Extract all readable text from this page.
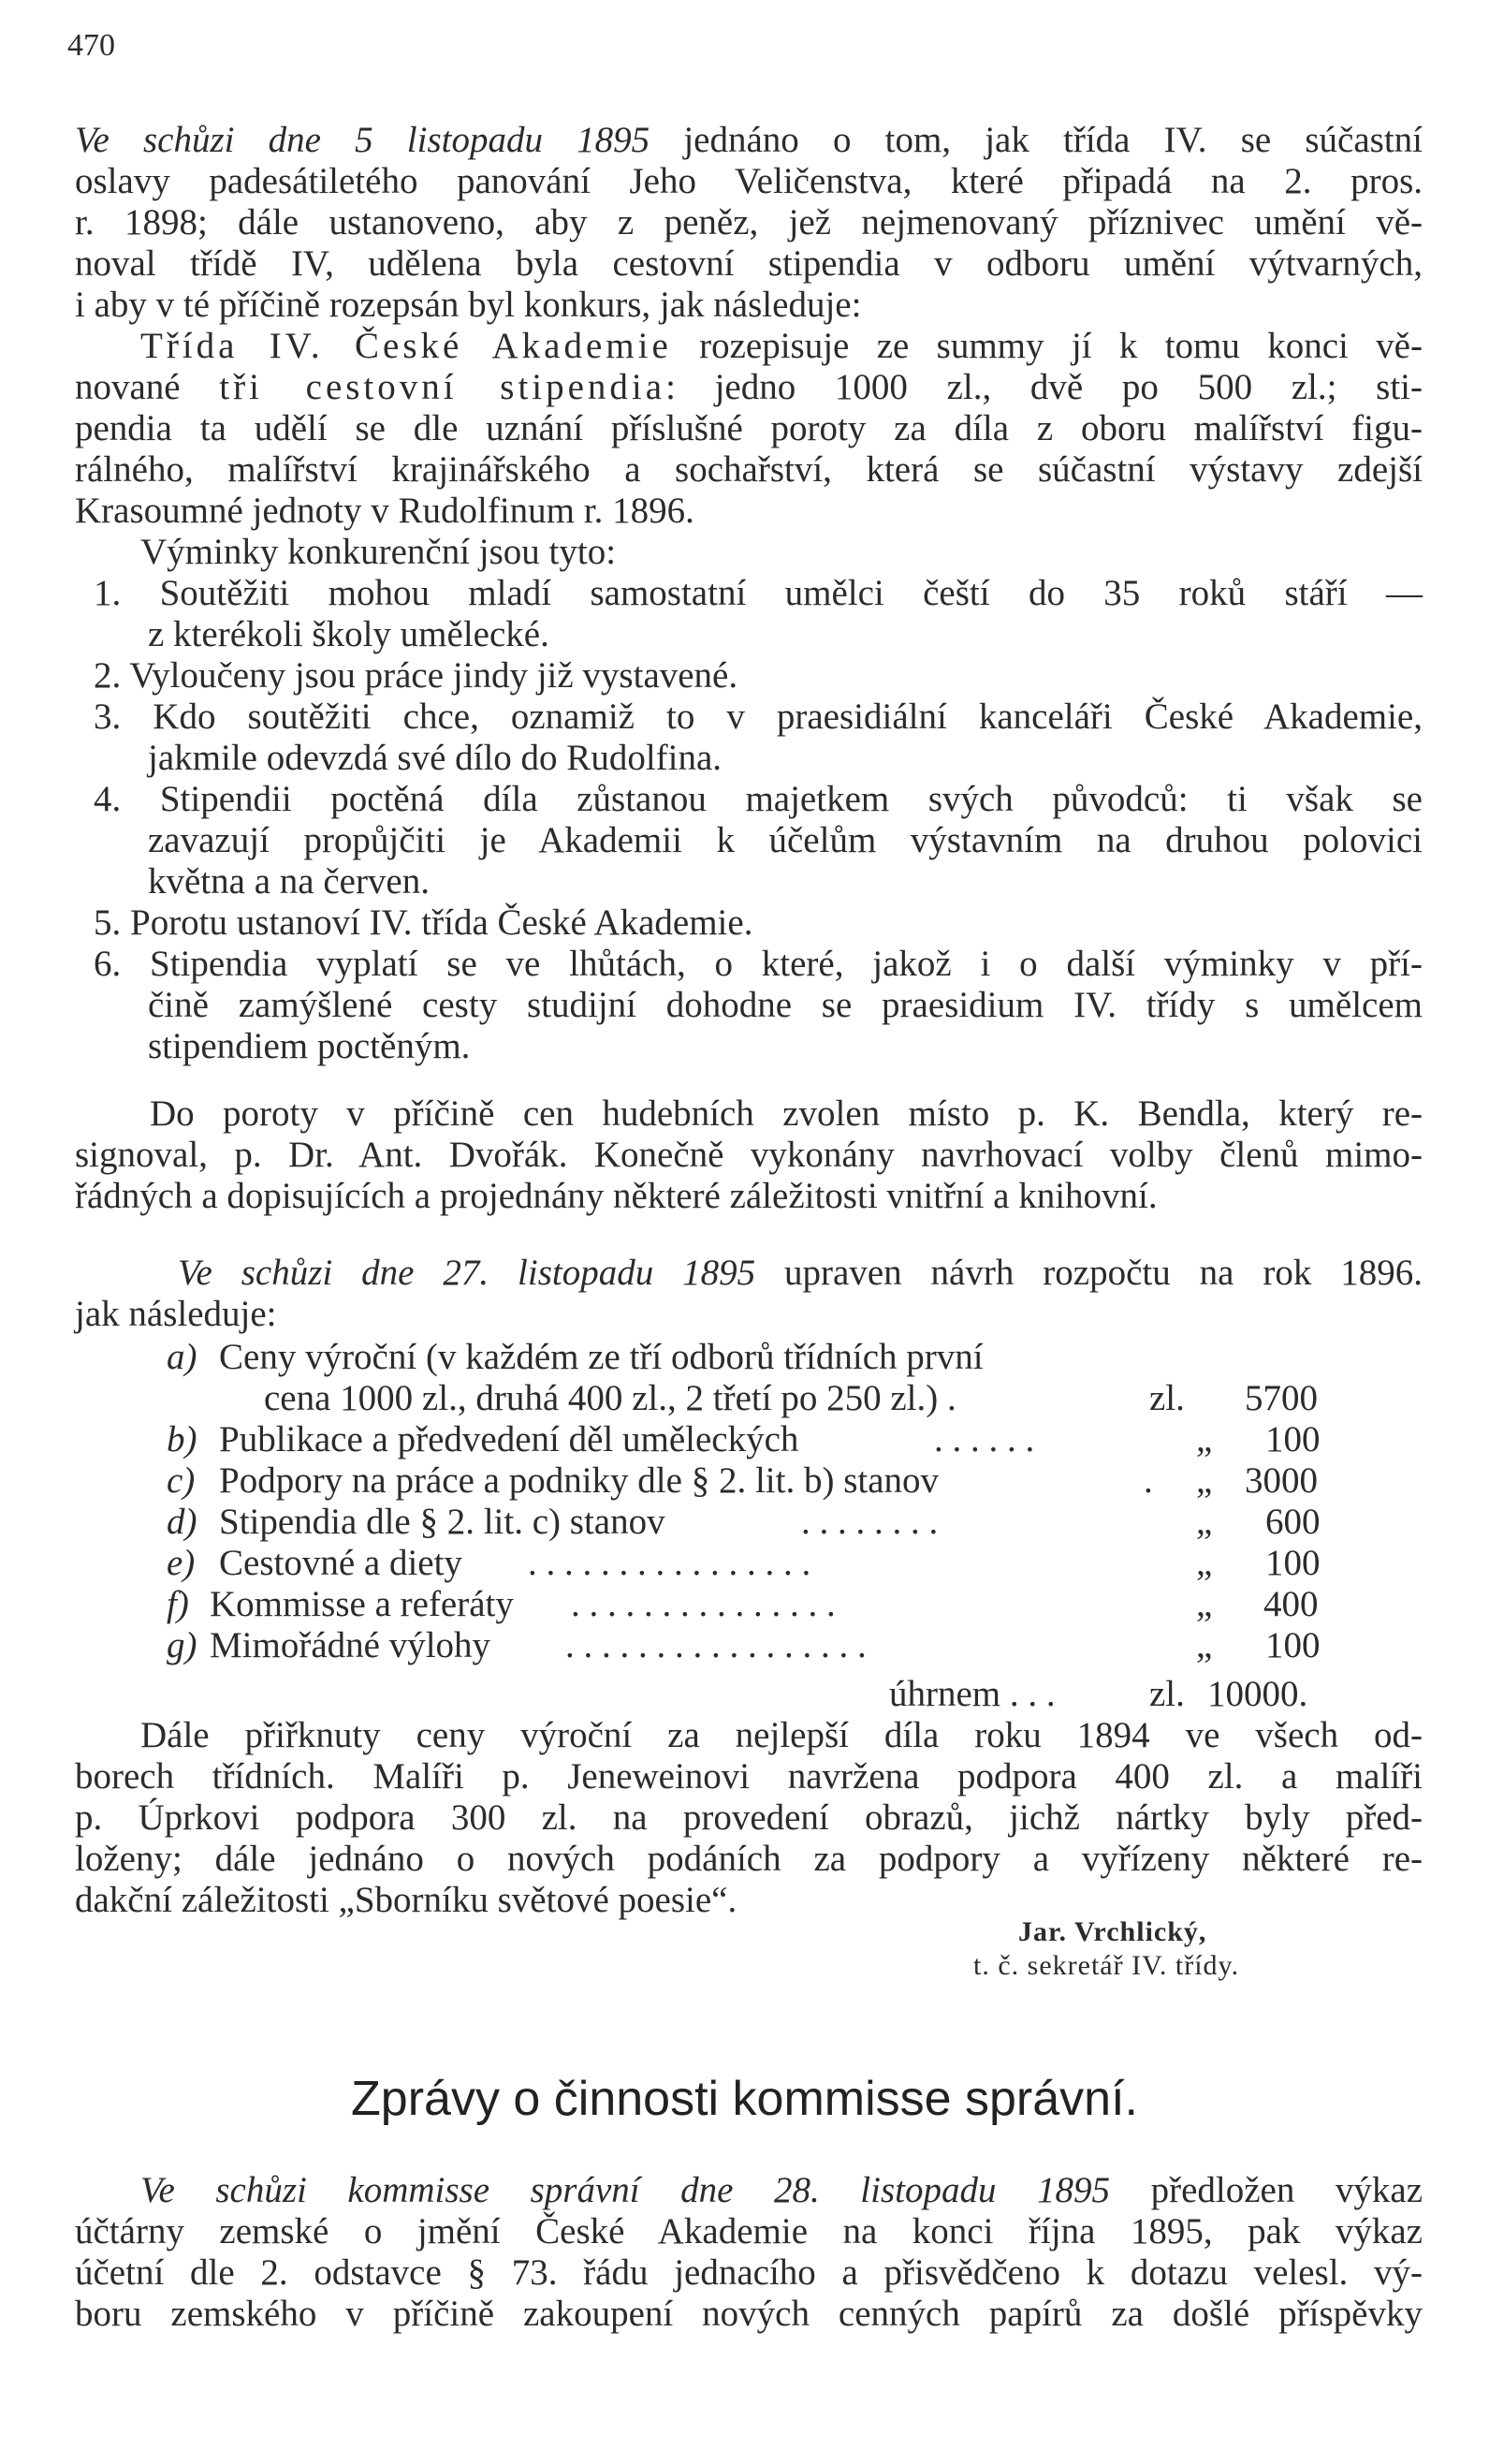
470
Ve schůzi dne 5 listopadu 1895 jednáno o tom, jak třída IV. se súčastní
oslavy padesátiletého panování Jeho Veličenstva, které připadá na 2. pros.
r. 1898; dále ustanoveno, aby z peněz, jež nejmenovaný příznivec umění vě-
noval třídě IV, udělena byla cestovní stipendia v odboru umění výtvarných,
i aby v té příčině rozepsán byl konkurs, jak následuje:
Třída IV. České Akademie rozepisuje ze summy jí k tomu konci vě-
nované tři cestovní stipendia: jedno 1000 zl., dvě po 500 zl.; sti-
pendia ta udělí se dle uznání příslušné poroty za díla z oboru malířství figu-
rálného, malířství krajinářského a sochařství, která se súčastní výstavy zdejší
Krasoumné jednoty v Rudolfinum r. 1896.
Výminky konkurenční jsou tyto:
1. Soutěžiti mohou mladí samostatní umělci čeští do 35 roků stáří —
z kterékoli školy umělecké.
2. Vyloučeny jsou práce jindy již vystavené.
3. Kdo soutěžiti chce, oznamiž to v praesidiální kanceláři České Akademie,
jakmile odevzdá své dílo do Rudolfina.
4. Stipendii poctěná díla zůstanou majetkem svých původců: ti však se
zavazují propůjčiti je Akademii k účelům výstavním na druhou polovici
května a na červen.
5. Porotu ustanoví IV. třída České Akademie.
6. Stipendia vyplatí se ve lhůtách, o které, jakož i o další výminky v pří-
čině zamýšlené cesty studijní dohodne se praesidium IV. třídy s umělcem
stipendiem poctěným.
Do poroty v příčině cen hudebních zvolen místo p. K. Bendla, který re-
signoval, p. Dr. Ant. Dvořák. Konečně vykonány navrhovací volby členů mimo-
řádných a dopisujících a projednány některé záležitosti vnitřní a knihovní.
Ve schůzi dne 27. listopadu 1895 upraven návrh rozpočtu na rok 1896.
jak následuje:
a) Ceny výroční (v každém ze tří odborů třídních první
cena 1000 zl., druhá 400 zl., 2 třetí po 250 zl.) .	zl. 5700
b) Publikace a předvedení děl uměleckých	. . . . . .	„ 100
c) Podpory na práce a podniky dle § 2. lit. b) stanov	. „ 3000
d) Stipendia dle § 2. lit. c) stanov	. . . . . . . .	„ 600
e) Cestovné a diety . . . . . . . . . . . . . . . .	„ 100
f) Kommisse a referáty . . . . . . . . . . . . . . .	„ 400
g) Mimořádné výlohy . . . . . . . . . . . . . . . . .	„ 100
úhrnem . . .	zl. 10000.
Dále přiřknuty ceny výroční za nejlepší díla roku 1894 ve všech od-
borech třídních. Malíři p. Jeneweinovi navržena podpora 400 zl. a malíři
p. Úprkovi podpora 300 zl. na provedení obrazů, jichž nártky byly před-
loženy; dále jednáno o nových podáních za podpory a vyřízeny některé re-
dakční záležitosti „Sborníku světové poesie“.
Jar. Vrchlický,
t. č. sekretář IV. třídy.
Zprávy o činnosti kommisse správní.
Ve schůzi kommisse správní dne 28. listopadu 1895 předložen výkaz
účtárny zemské o jmění České Akademie na konci října 1895, pak výkaz
účetní dle 2. odstavce § 73. řádu jednacího a přisvědčeno k dotazu velesl. vý-
boru zemského v příčině zakoupení nových cenných papírů za došlé příspěvky
